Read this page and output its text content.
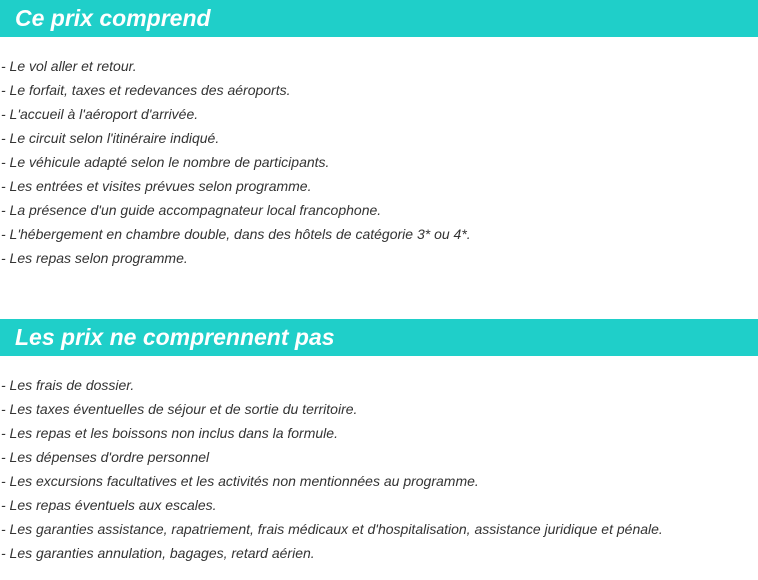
Ce prix comprend
- Le vol aller et retour.
- Le forfait, taxes et redevances des aéroports.
- L'accueil à l'aéroport d'arrivée.
- Le circuit selon l'itinéraire indiqué.
- Le véhicule adapté selon le nombre de participants.
- Les entrées et visites prévues selon programme.
- La présence d'un guide accompagnateur local francophone.
- L'hébergement en chambre double, dans des hôtels de catégorie 3* ou 4*.
- Les repas selon programme.
Les prix ne comprennent pas
- Les frais de dossier.
- Les taxes éventuelles de séjour et de sortie du territoire.
- Les repas et les boissons non inclus dans la formule.
- Les dépenses d'ordre personnel
- Les excursions facultatives et les activités non mentionnées au programme.
- Les repas éventuels aux escales.
- Les garanties assistance, rapatriement, frais médicaux et d'hospitalisation, assistance juridique et pénale.
- Les garanties annulation, bagages, retard aérien.
